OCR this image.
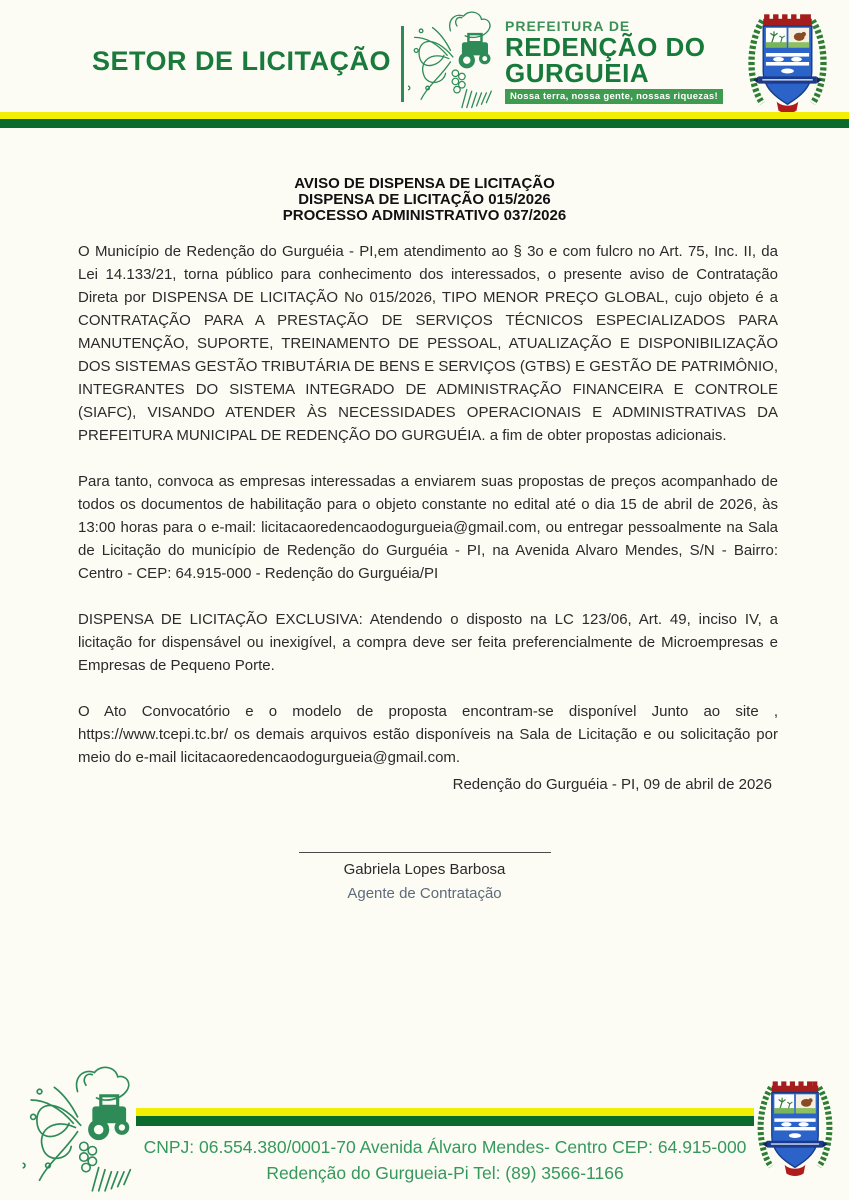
SETOR DE LICITAÇÃO
PREFEITURA DE
REDENÇÃO DO
GURGUEIA
Nossa terra, nossa gente, nossas riquezas!
AVISO DE DISPENSA DE LICITAÇÃO
DISPENSA DE LICITAÇÃO 015/2026
PROCESSO ADMINISTRATIVO 037/2026

O Município de Redenção do Gurguéia - PI,em atendimento ao § 3o e com fulcro no Art. 75, Inc. II, da Lei 14.133/21, torna público para conhecimento dos interessados, o presente aviso de Contratação Direta por DISPENSA DE LICITAÇÃO No 015/2026, TIPO MENOR PREÇO GLOBAL, cujo objeto é a CONTRATAÇÃO PARA A PRESTAÇÃO DE SERVIÇOS TÉCNICOS ESPECIALIZADOS PARA MANUTENÇÃO, SUPORTE, TREINAMENTO DE PESSOAL, ATUALIZAÇÃO E DISPONIBILIZAÇÃO DOS SISTEMAS GESTÃO TRIBUTÁRIA DE BENS E SERVIÇOS (GTBS) E GESTÃO DE PATRIMÔNIO, INTEGRANTES DO SISTEMA INTEGRADO DE ADMINISTRAÇÃO FINANCEIRA E CONTROLE (SIAFC), VISANDO ATENDER ÀS NECESSIDADES OPERACIONAIS E ADMINISTRATIVAS DA PREFEITURA MUNICIPAL DE REDENÇÃO DO GURGUÉIA. a fim de obter propostas adicionais.

Para tanto, convoca as empresas interessadas a enviarem suas propostas de preços acompanhado de todos os documentos de habilitação para o objeto constante no edital até o dia 15 de abril de 2026, às 13:00 horas para o e-mail: licitacaoredencaodogurgueia@gmail.com, ou entregar pessoalmente na Sala de Licitação do município de Redenção do Gurguéia - PI, na Avenida Alvaro Mendes, S/N - Bairro: Centro - CEP: 64.915-000 - Redenção do Gurguéia/PI

DISPENSA DE LICITAÇÃO EXCLUSIVA: Atendendo o disposto na LC 123/06, Art. 49, inciso IV, a licitação for dispensável ou inexigível, a compra deve ser feita preferencialmente de Microempresas e Empresas de Pequeno Porte.

O Ato Convocatório e o modelo de proposta encontram-se disponível Junto ao site , https://www.tcepi.tc.br/ os demais arquivos estão disponíveis na Sala de Licitação e ou solicitação por meio do e-mail licitacaoredencaodogurgueia@gmail.com.

Redenção do Gurguéia - PI, 09 de abril de 2026
Gabriela Lopes Barbosa
Agente de Contratação
CNPJ: 06.554.380/0001-70 Avenida Álvaro Mendes- Centro CEP: 64.915-000
Redenção do Gurgueia-Pi Tel: (89) 3566-1166
